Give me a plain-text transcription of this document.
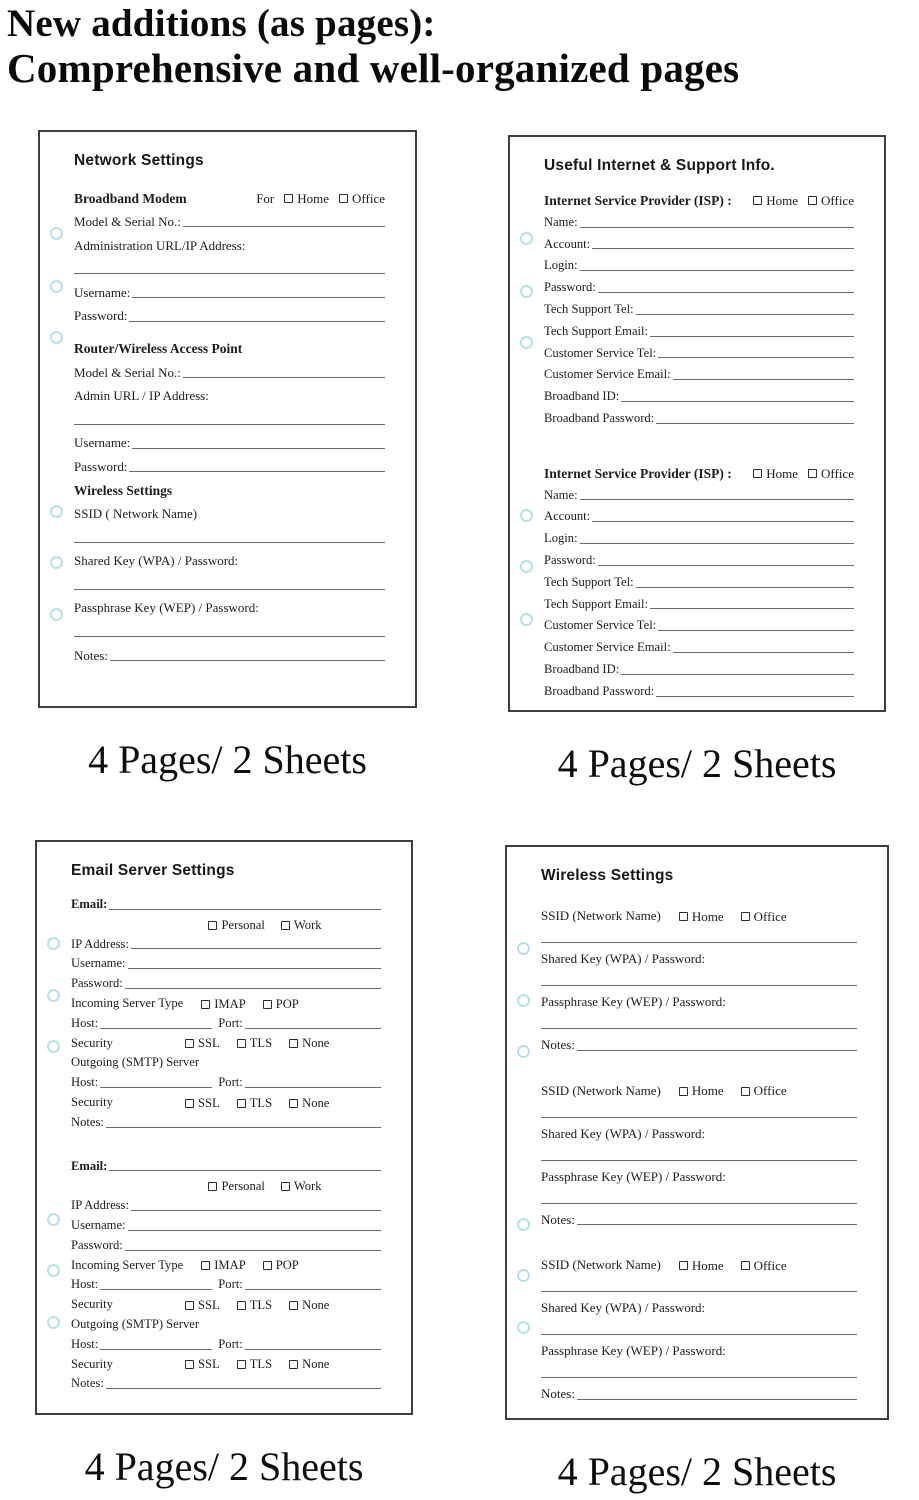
New additions (as pages):
Comprehensive and well-organized pages
Network Settings
Broadband Modem	For Home Office
Model & Serial No.:
Administration URL/IP Address:
Username:
Password:
Router/Wireless Access Point
Model & Serial No.:
Admin URL / IP Address:
Username:
Password:
Wireless Settings
SSID ( Network Name)
Shared Key (WPA) / Password:
Passphrase Key (WEP) / Password:
Notes:
4 Pages/ 2 Sheets
Useful Internet & Support Info.
Internet Service Provider (ISP) :	Home Office
Name:
Account:
Login:
Password:
Tech Support Tel:
Tech Support Email:
Customer Service Tel:
Customer Service Email:
Broadband ID:
Broadband Password:
Internet Service Provider (ISP) :	Home Office
Name:
Account:
Login:
Password:
Tech Support Tel:
Tech Support Email:
Customer Service Tel:
Customer Service Email:
Broadband ID:
Broadband Password:
4 Pages/ 2 Sheets
Email Server Settings
Email:
Personal Work
IP Address:
Username:
Password:
Incoming Server Type IMAP POP
Host:	Port:
Security	SSL TLS None
Outgoing (SMTP) Server
Host:	Port:
Security	SSL TLS None
Notes:
Email:
Personal Work
IP Address:
Username:
Password:
Incoming Server Type IMAP POP
Host:	Port:
Security	SSL TLS None
Outgoing (SMTP) Server
Host:	Port:
Security	SSL TLS None
Notes:
4 Pages/ 2 Sheets
Wireless Settings
SSID (Network Name) Home Office
Shared Key (WPA) / Password:
Passphrase Key (WEP) / Password:
Notes:
SSID (Network Name) Home Office
Shared Key (WPA) / Password:
Passphrase Key (WEP) / Password:
Notes:
SSID (Network Name) Home Office
Shared Key (WPA) / Password:
Passphrase Key (WEP) / Password:
Notes:
4 Pages/ 2 Sheets
